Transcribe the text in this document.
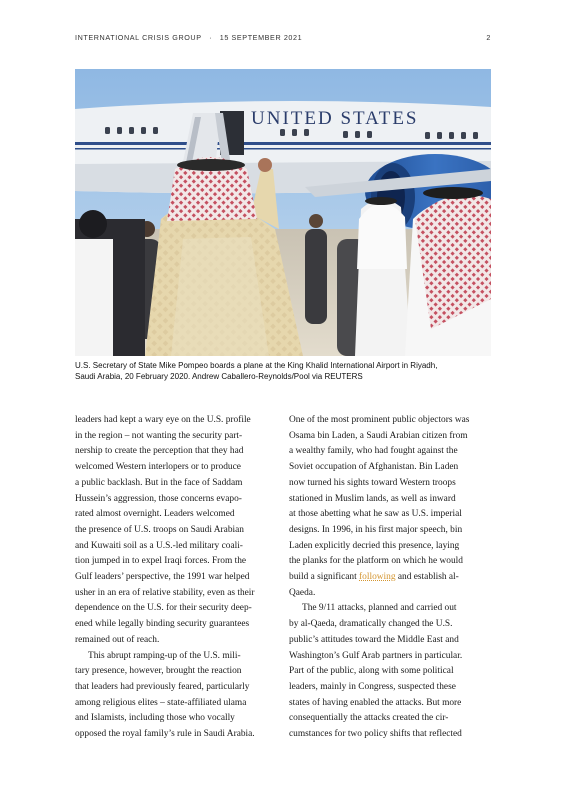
INTERNATIONAL CRISIS GROUP · 15 SEPTEMBER 2021	2
UNITED STATES
U.S. Secretary of State Mike Pompeo boards a plane at the King Khalid International Airport in Riyadh,
Saudi Arabia, 20 February 2020. Andrew Caballero-Reynolds/Pool via REUTERS

leaders had kept a wary eye on the U.S. profile
in the region – not wanting the security part-
nership to create the perception that they had
welcomed Western interlopers or to produce
a public backlash. But in the face of Saddam
Hussein’s aggression, those concerns evapo-
rated almost overnight. Leaders welcomed
the presence of U.S. troops on Saudi Arabian
and Kuwaiti soil as a U.S.-led military coali-
tion jumped in to expel Iraqi forces. From the
Gulf leaders’ perspective, the 1991 war helped
usher in an era of relative stability, even as their
dependence on the U.S. for their security deep-
ened while legally binding security guarantees
remained out of reach.

This abrupt ramping-up of the U.S. mili-
tary presence, however, brought the reaction
that leaders had previously feared, particularly
among religious elites – state-affiliated ulama
and Islamists, including those who vocally
opposed the royal family’s rule in Saudi Arabia.

One of the most prominent public objectors was
Osama bin Laden, a Saudi Arabian citizen from
a wealthy family, who had fought against the
Soviet occupation of Afghanistan. Bin Laden
now turned his sights toward Western troops
stationed in Muslim lands, as well as inward
at those abetting what he saw as U.S. imperial
designs. In 1996, in his first major speech, bin
Laden explicitly decried this presence, laying
the planks for the platform on which he would
build a significant following and establish al-
Qaeda.

The 9/11 attacks, planned and carried out
by al-Qaeda, dramatically changed the U.S.
public’s attitudes toward the Middle East and
Washington’s Gulf Arab partners in particular.
Part of the public, along with some political
leaders, mainly in Congress, suspected these
states of having enabled the attacks. But more
consequentially the attacks created the cir-
cumstances for two policy shifts that reflected
